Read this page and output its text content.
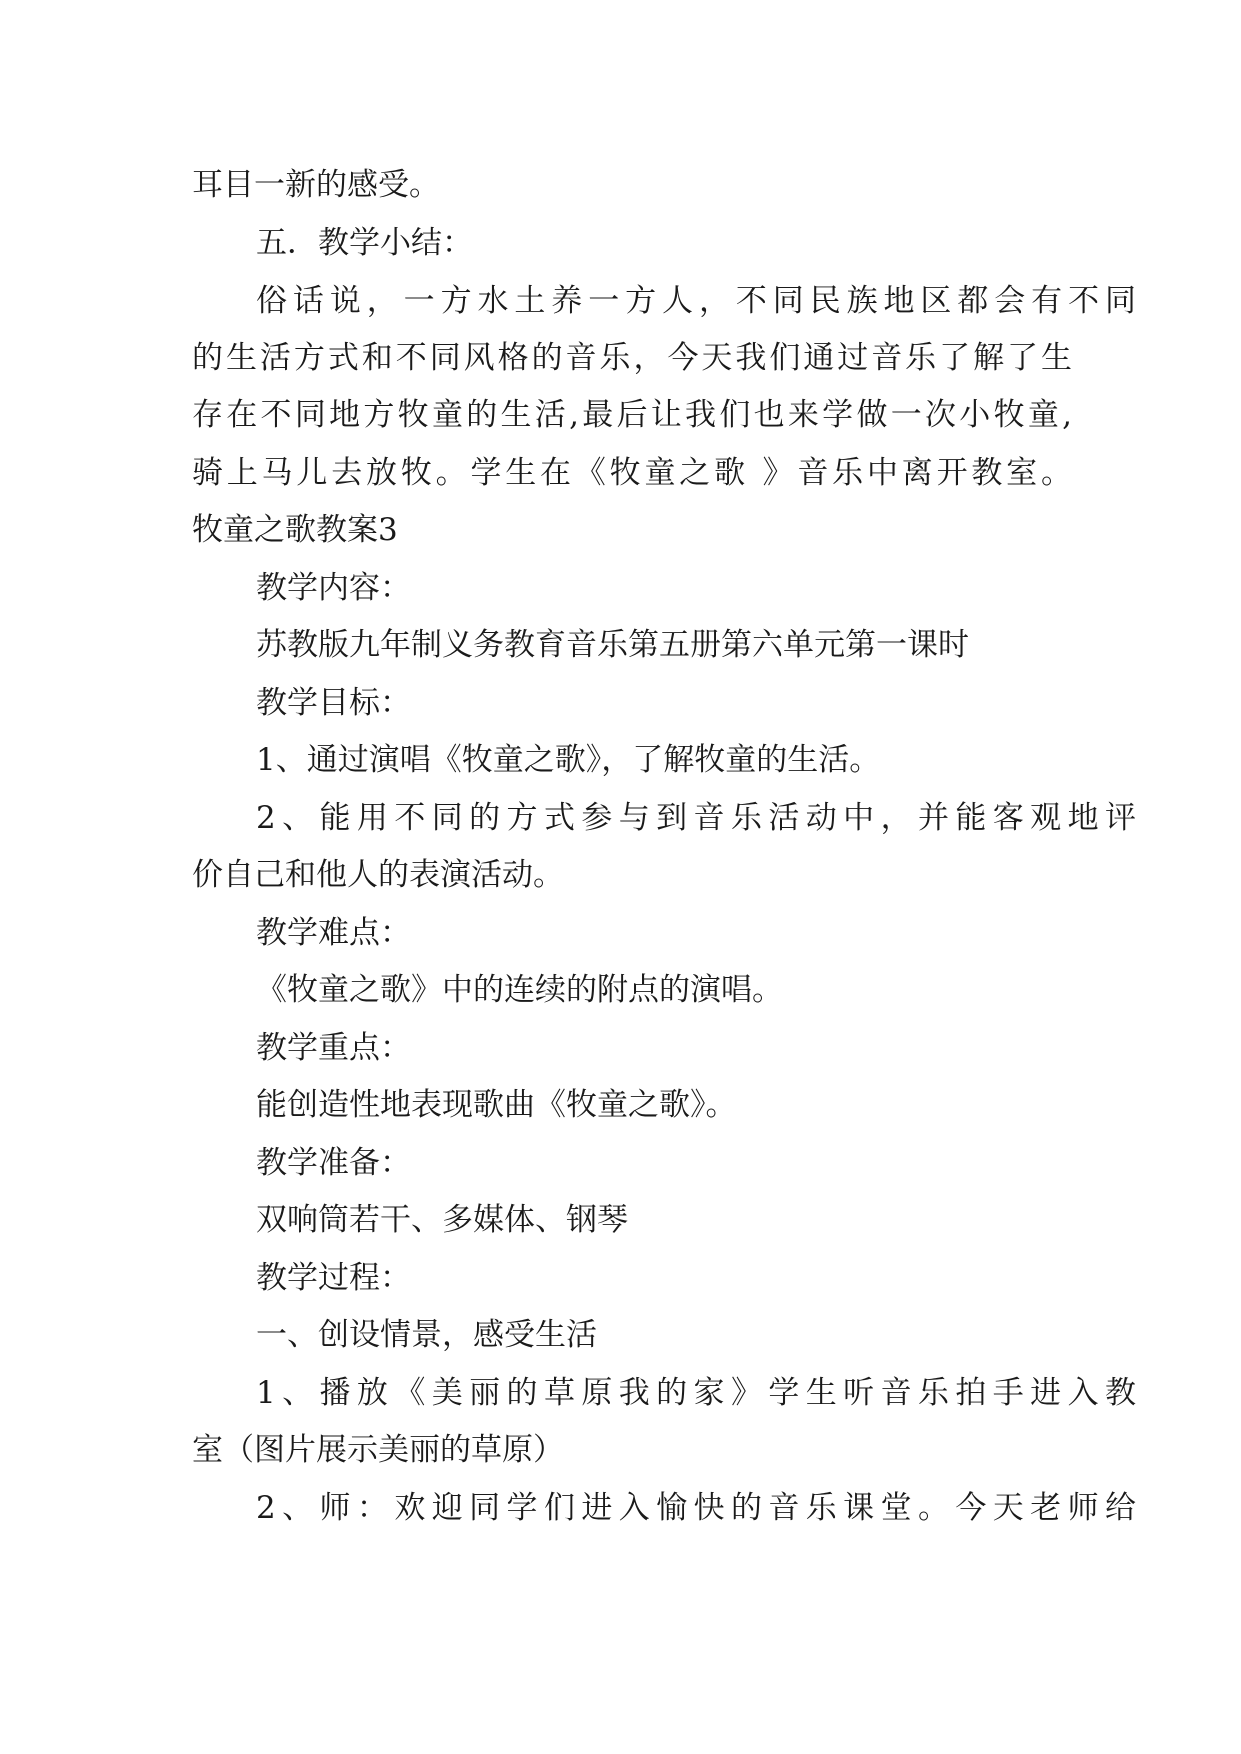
耳目一新的感受。
五．教学小结：
俗话说，一方水土养一方人，不同民族地区都会有不同
的生活方式和不同风格的音乐，今天我们通过音乐了解了生
存在不同地方牧童的生活,最后让我们也来学做一次小牧童,
骑上马儿去放牧。学生在《牧童之歌 》音乐中离开教室。
牧童之歌教案3
教学内容：
苏教版九年制义务教育音乐第五册第六单元第一课时
教学目标：
1、通过演唱《牧童之歌》，了解牧童的生活。
2、能用不同的方式参与到音乐活动中，并能客观地评
价自己和他人的表演活动。
教学难点：
《牧童之歌》中的连续的附点的演唱。
教学重点：
能创造性地表现歌曲《牧童之歌》。
教学准备：
双响筒若干、多媒体、钢琴
教学过程：
一、创设情景，感受生活
1、播放《美丽的草原我的家》学生听音乐拍手进入教
室（图片展示美丽的草原）
2、师：欢迎同学们进入愉快的音乐课堂。今天老师给
